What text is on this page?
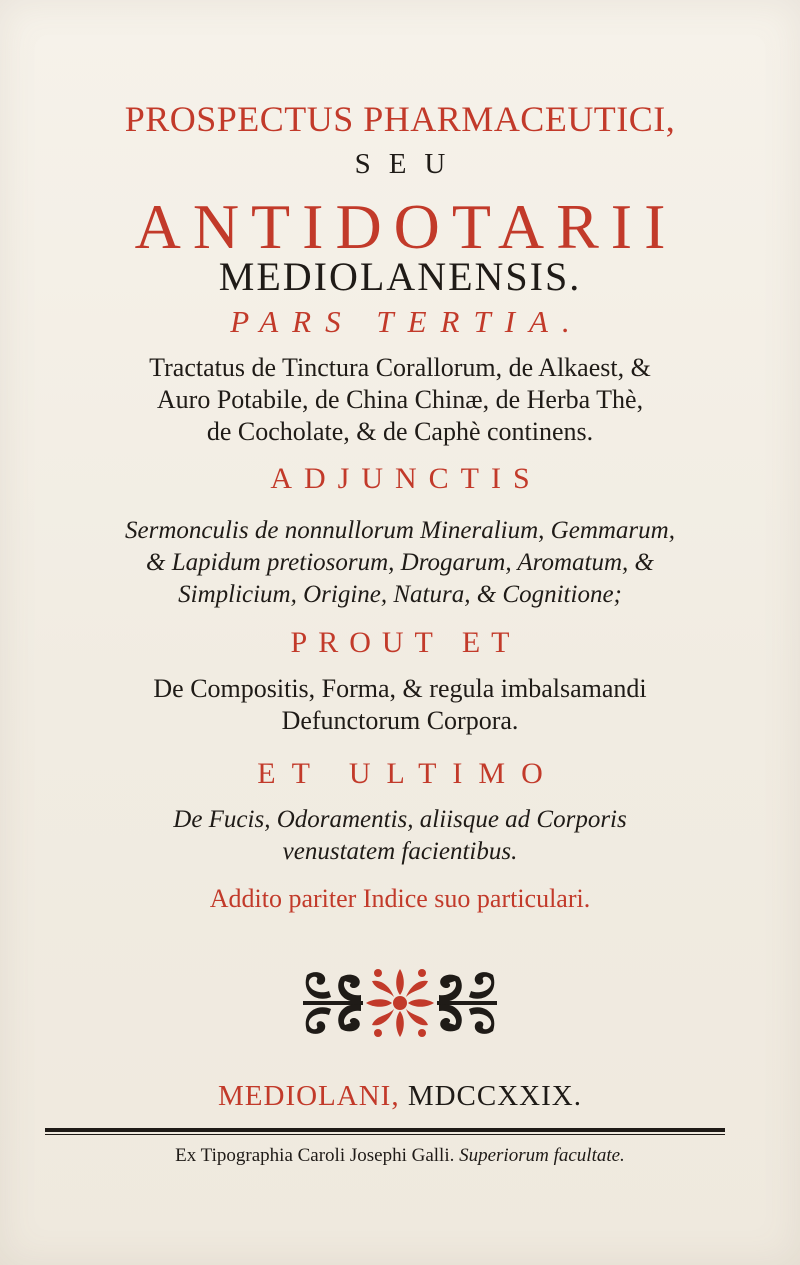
PROSPECTUS PHARMACEUTICI,
SEU
ANTIDOTARII
MEDIOLANENSIS.
PARS TERTIA.
Tractatus de Tinctura Corallorum, de Alkaest, &
Auro Potabile, de China Chinæ, de Herba Thè,
de Cocholate, & de Caphè continens.
ADJUNCTIS
Sermonculis de nonnullorum Mineralium, Gemmarum,
& Lapidum pretiosorum, Drogarum, Aromatum, &
Simplicium, Origine, Natura, & Cognitione;
PROUT ET
De Compositis, Forma, & regula imbalsamandi
Defunctorum Corpora.
ET ULTIMO
De Fucis, Odoramentis, aliisque ad Corporis
venustatem facientibus.
Addito pariter Indice suo particulari.
MEDIOLANI, MDCCXXIX.
Ex Tipographia Caroli Josephi Galli. Superiorum facultate.
